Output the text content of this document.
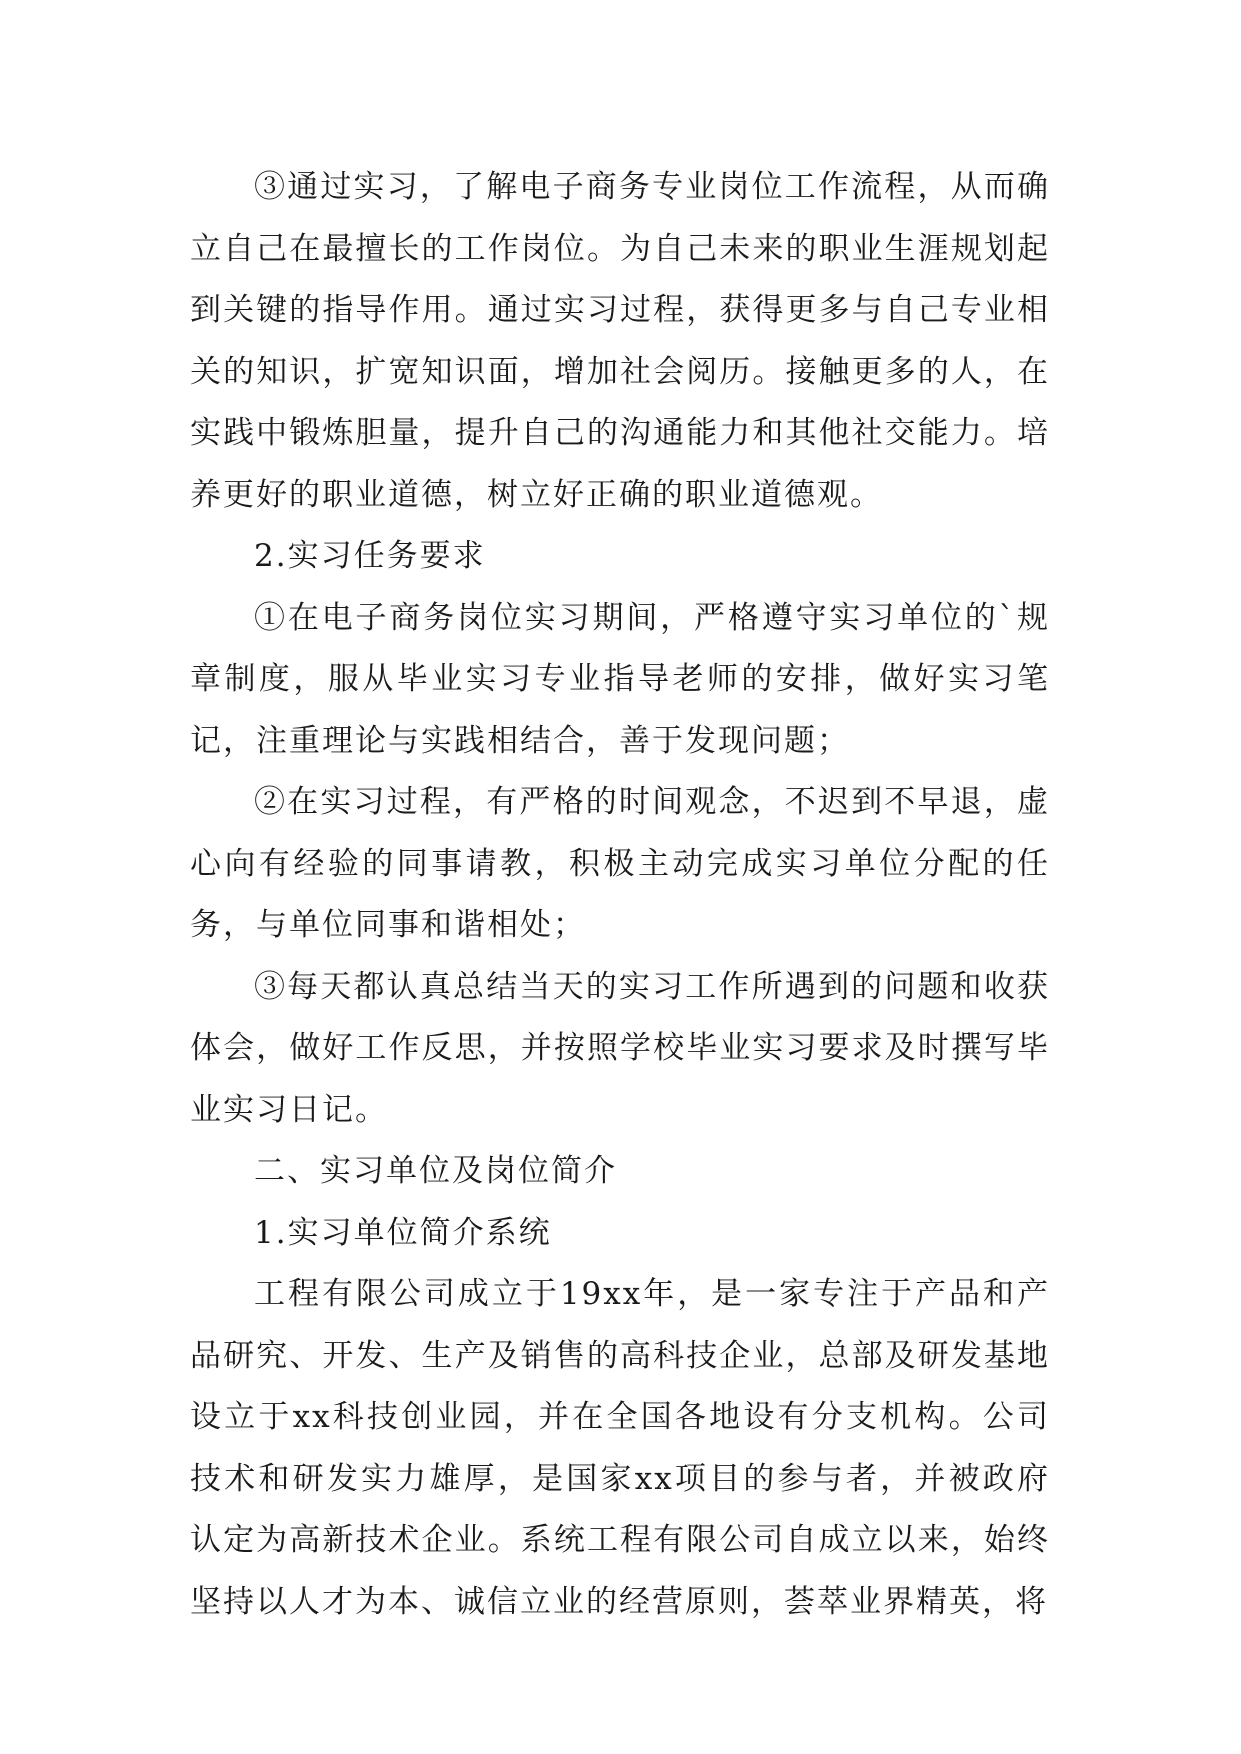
③通过实习，了解电子商务专业岗位工作流程，从而确立自己在最擅长的工作岗位。为自己未来的职业生涯规划起到关键的指导作用。通过实习过程，获得更多与自己专业相关的知识，扩宽知识面，增加社会阅历。接触更多的人，在实践中锻炼胆量，提升自己的沟通能力和其他社交能力。培养更好的职业道德，树立好正确的职业道德观。

2.实习任务要求

①在电子商务岗位实习期间，严格遵守实习单位的`规章制度，服从毕业实习专业指导老师的安排，做好实习笔记，注重理论与实践相结合，善于发现问题；

②在实习过程，有严格的时间观念，不迟到不早退，虚心向有经验的同事请教，积极主动完成实习单位分配的任务，与单位同事和谐相处；

③每天都认真总结当天的实习工作所遇到的问题和收获体会，做好工作反思，并按照学校毕业实习要求及时撰写毕业实习日记。

二、实习单位及岗位简介

1.实习单位简介系统

工程有限公司成立于19xx年，是一家专注于产品和产品研究、开发、生产及销售的高科技企业，总部及研发基地设立于xx科技创业园，并在全国各地设有分支机构。公司技术和研发实力雄厚，是国家xx项目的参与者，并被政府认定为高新技术企业。系统工程有限公司自成立以来，始终坚持以人才为本、诚信立业的经营原则，荟萃业界精英，将
